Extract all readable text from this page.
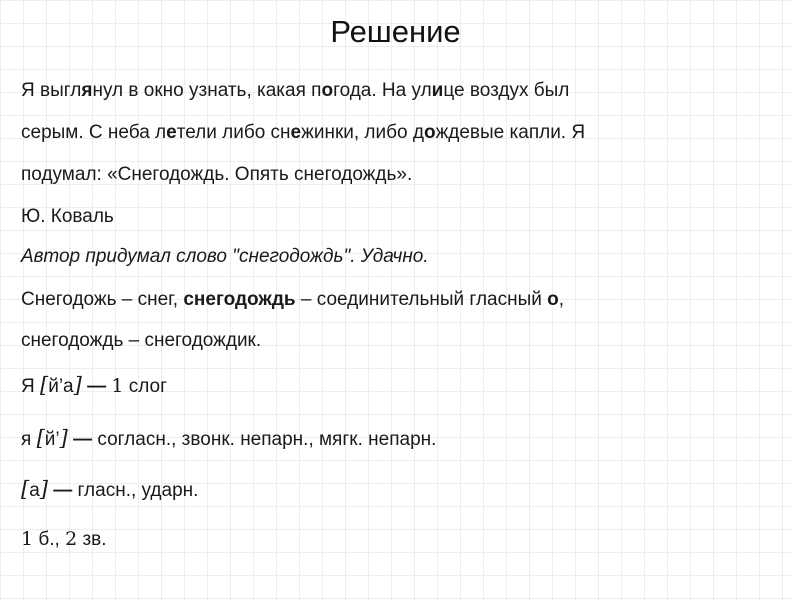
Решение
Я выглянул в окно узнать, какая погода. На улице воздух был
серым. С неба летели либо снежинки, либо дождевые капли. Я
подумал: «Снегодождь. Опять снегодождь».
Ю. Коваль
Автор придумал слово "снегодождь". Удачно.
Снегодожь – снег, снегодождь – соединительный гласный о,
снегодождь – снегодождик.
Я [й’а] — 1 слог
я [й’] — согласн., звонк. непарн., мягк. непарн.
[а] — гласн., ударн.
1 б., 2 зв.
